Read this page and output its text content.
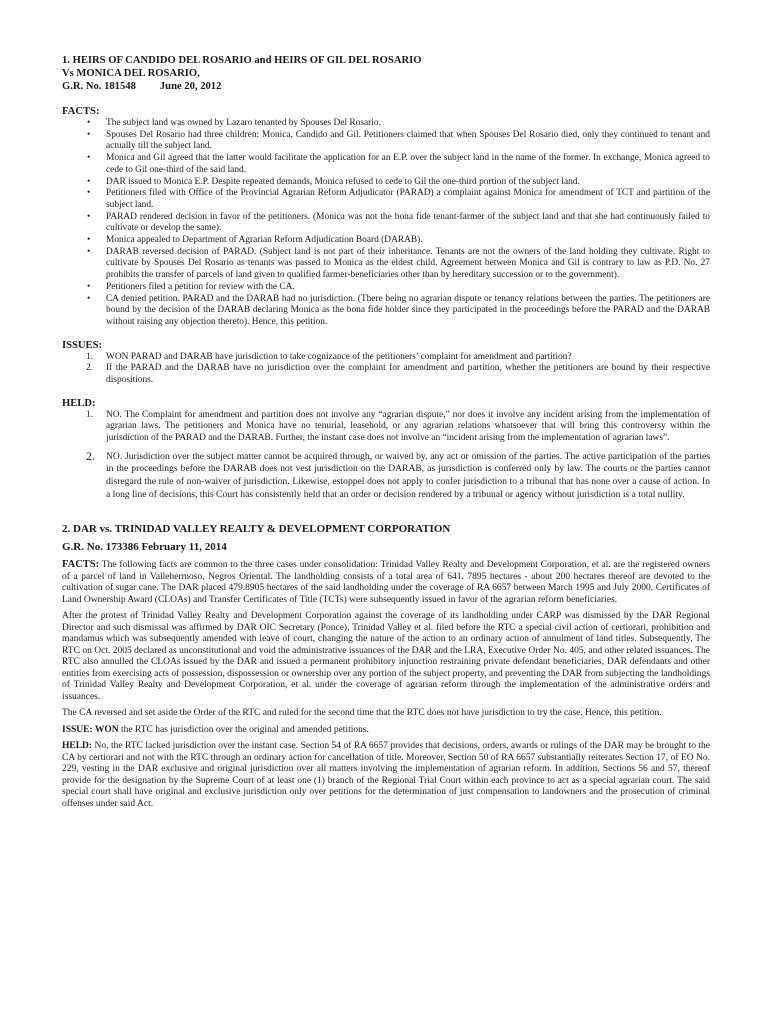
1. HEIRS OF CANDIDO DEL ROSARIO and HEIRS OF GIL DEL ROSARIO
Vs MONICA DEL ROSARIO,
G.R. No. 181548 June 20, 2012
FACTS:
• The subject land was owned by Lazaro tenanted by Spouses Del Rosario.
• Spouses Del Rosario had three children: Monica, Candido and Gil. Petitioners claimed that when Spouses Del Rosario died, only they continued to tenant and actually till the subject land.
• Monica and Gil agreed that the latter would facilitate the application for an E.P. over the subject land in the name of the former. In exchange, Monica agreed to cede to Gil one-third of the said land.
• DAR issued to Monica E.P. Despite repeated demands, Monica refused to cede to Gil the one-third portion of the subject land.
• Petitioners filed with Office of the Provincial Agrarian Reform Adjudicator (PARAD) a complaint against Monica for amendment of TCT and partition of the subject land.
• PARAD rendered decision in favor of the petitioners. (Monica was not the bona fide tenant-farmer of the subject land and that she had continuously failed to cultivate or develop the same).
• Monica appealed to Department of Agrarian Reform Adjudication Board (DARAB).
• DARAB reversed decision of PARAD. (Subject land is not part of their inheritance. Tenants are not the owners of the land holding they cultivate. Right to cultivate by Spouses Del Rosario as tenants was passed to Monica as the eldest child. Agreement between Monica and Gil is contrary to law as P.D. No. 27 prohibits the transfer of parcels of land given to qualified farmer-beneficiaries other than by hereditary succession or to the government).
• Petitioners filed a petition for review with the CA.
• CA denied petition. PARAD and the DARAB had no jurisdiction. (There being no agrarian dispute or tenancy relations between the parties. The petitioners are bound by the decision of the DARAB declaring Monica as the bona fide holder since they participated in the proceedings before the PARAD and the DARAB without raising any objection thereto). Hence, this petition.
ISSUES:
1. WON PARAD and DARAB have jurisdiction to take cognizance of the petitioners’ complaint for amendment and partition?
2. If the PARAD and the DARAB have no jurisdiction over the complaint for amendment and partition, whether the petitioners are bound by their respective dispositions.
HELD:
1. NO. The Complaint for amendment and partition does not involve any “agrarian dispute,” nor does it involve any incident arising from the implementation of agrarian laws. The petitioners and Monica have no tenurial, leasehold, or any agrarian relations whatsoever that will bring this controversy within the jurisdiction of the PARAD and the DARAB. Further, the instant case does not involve an “incident arising from the implementation of agrarian laws”.
2. NO. Jurisdiction over the subject matter cannot be acquired through, or waived by, any act or omission of the parties. The active participation of the parties in the proceedings before the DARAB does not vest jurisdiction on the DARAB, as jurisdiction is conferred only by law. The courts or the parties cannot disregard the rule of non-waiver of jurisdiction. Likewise, estoppel does not apply to confer jurisdiction to a tribunal that has none over a cause of action. In a long line of decisions, this Court has consistently held that an order or decision rendered by a tribunal or agency without jurisdiction is a total nullity.
2. DAR vs. TRINIDAD VALLEY REALTY & DEVELOPMENT CORPORATION
G.R. No. 173386 February 11, 2014

FACTS: The following facts are common to the three cases under consolidation: Trinidad Valley Realty and Development Corporation, et al. are the registered owners of a parcel of land in Vallehermoso, Negros Oriental. The landholding consists of a total area of 641. 7895 hectares - about 200 hectares thereof are devoted to the cultivation of sugar cane. The DAR placed 479.8905 hectares of the said landholding under the coverage of RA 6657 between March 1995 and July 2000. Certificates of Land Ownership Award (CLOAs) and Transfer Certificates of Title (TCTs) were subsequently issued in favor of the agrarian reform beneficiaries.

After the protest of Trinidad Valley Realty and Development Corporation against the coverage of its landholding under CARP was dismissed by the DAR Regional Director and such dismissal was affirmed by DAR OIC Secretary (Ponce), Trinidad Valley et al. filed before the RTC a special civil action of certiorari, prohibition and mandamus which was subsequently amended with leave of court, changing the nature of the action to an ordinary action of annulment of land titles. Subsequently, The RTC on Oct. 2005 declared as unconstitutional and void the administrative issuances of the DAR and the LRA, Executive Order No. 405, and other related issuances. The RTC also annulled the CLOAs issued by the DAR and issued a permanent prohibitory injunction restraining private defendant beneficiaries, DAR defendants and other entities from exercising acts of possession, dispossession or ownership over any portion of the subject property, and preventing the DAR from subjecting the landholdings of Trinidad Valley Realty and Development Corporation, et al. under the coverage of agrarian reform through the implementation of the administrative orders and issuances.

The CA reversed and set aside the Order of the RTC and ruled for the second time that the RTC does not have jurisdiction to try the case. Hence, this petition.

ISSUE: WON the RTC has jurisdiction over the original and amended petitions.

HELD: No, the RTC lacked jurisdiction over the instant case. Section 54 of RA 6657 provides that decisions, orders, awards or rulings of the DAR may be brought to the CA by certiorari and not with the RTC through an ordinary action for cancellation of title. Moreover, Section 50 of RA 6657 substantially reiterates Section 17, of EO No. 229, vesting in the DAR exclusive and original jurisdiction over all matters involving the implementation of agrarian reform. In addition, Sections 56 and 57, thereof provide for the designation by the Supreme Court of at least one (1) branch of the Regional Trial Court within each province to act as a special agrarian court. The said special court shall have original and exclusive jurisdiction only over petitions for the determination of just compensation to landowners and the prosecution of criminal offenses under said Act.
